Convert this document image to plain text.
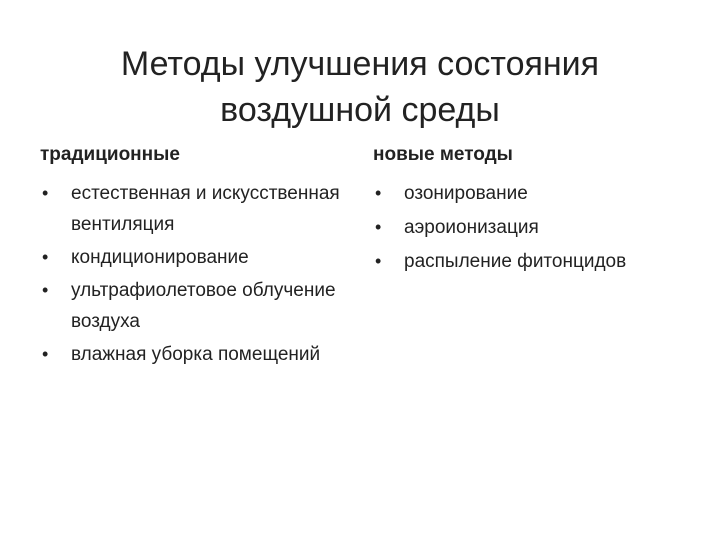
Методы улучшения состояния
воздушной среды
традиционные
• естественная и искусственная вентиляция
• кондиционирование
• ультрафиолетовое облучение воздуха
• влажная уборка помещений
новые методы
• озонирование
• аэроионизация
• распыление фитонцидов
